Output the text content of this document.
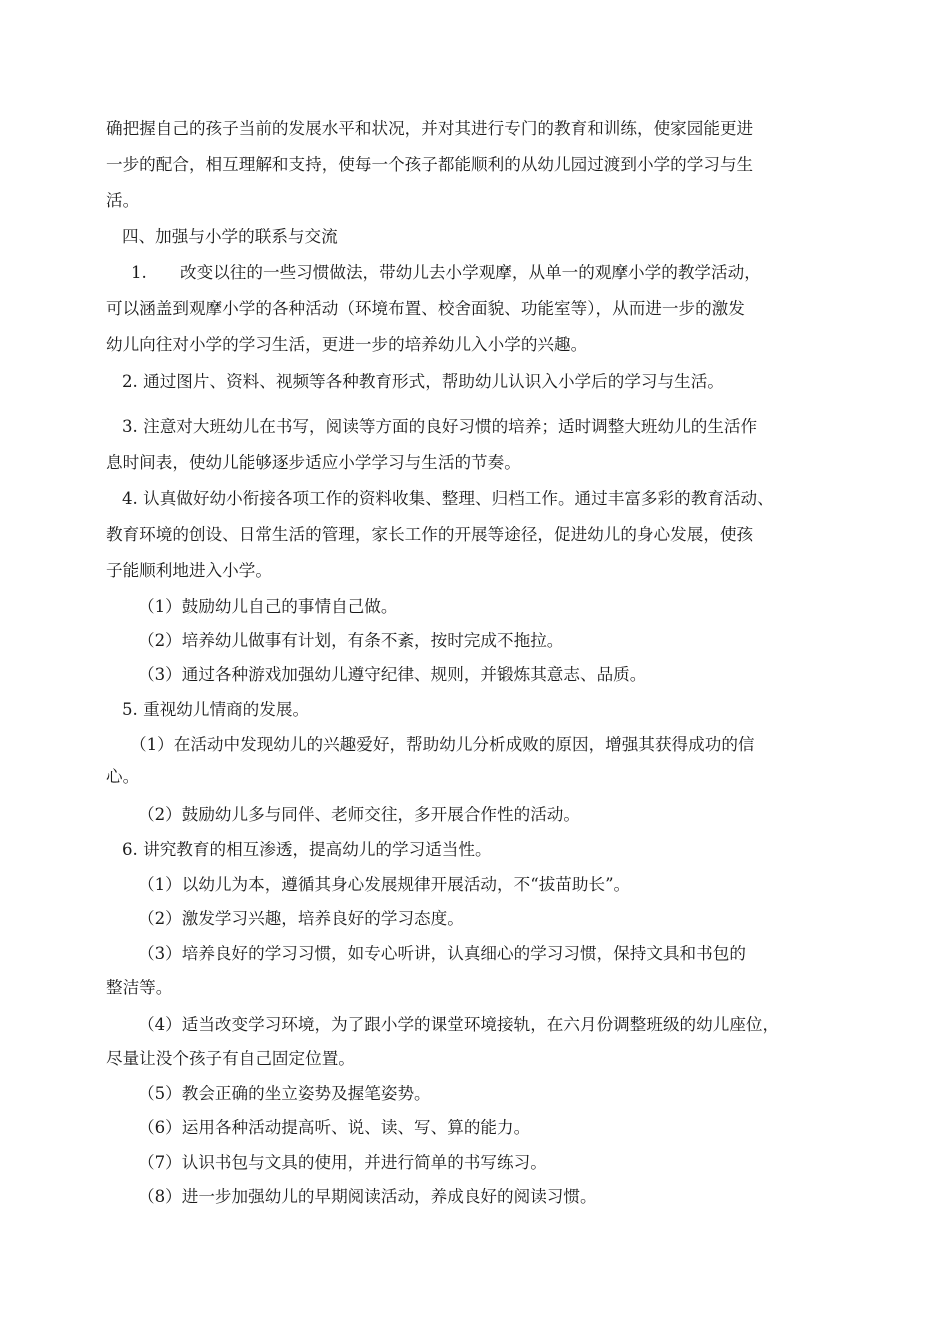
确把握自己的孩子当前的发展水平和状况，并对其进行专门的教育和训练，使家园能更进
一步的配合，相互理解和支持，使每一个孩子都能顺利的从幼儿园过渡到小学的学习与生
活。
四、加强与小学的联系与交流
1.　　改变以往的一些习惯做法，带幼儿去小学观摩，从单一的观摩小学的教学活动，
可以涵盖到观摩小学的各种活动（环境布置、校舍面貌、功能室等），从而进一步的激发
幼儿向往对小学的学习生活，更进一步的培养幼儿入小学的兴趣。
2. 通过图片、资料、视频等各种教育形式，帮助幼儿认识入小学后的学习与生活。
3. 注意对大班幼儿在书写，阅读等方面的良好习惯的培养；适时调整大班幼儿的生活作
息时间表，使幼儿能够逐步适应小学学习与生活的节奏。
4. 认真做好幼小衔接各项工作的资料收集、整理、归档工作。通过丰富多彩的教育活动、
教育环境的创设、日常生活的管理，家长工作的开展等途径，促进幼儿的身心发展，使孩
子能顺利地进入小学。
（1）鼓励幼儿自己的事情自己做。
（2）培养幼儿做事有计划，有条不紊，按时完成不拖拉。
（3）通过各种游戏加强幼儿遵守纪律、规则，并锻炼其意志、品质。
5. 重视幼儿情商的发展。
（1）在活动中发现幼儿的兴趣爱好，帮助幼儿分析成败的原因，增强其获得成功的信
心。
（2）鼓励幼儿多与同伴、老师交往，多开展合作性的活动。
6. 讲究教育的相互渗透，提高幼儿的学习适当性。
（1）以幼儿为本，遵循其身心发展规律开展活动，不“拔苗助长”。
（2）激发学习兴趣，培养良好的学习态度。
（3）培养良好的学习习惯，如专心听讲，认真细心的学习习惯，保持文具和书包的
整洁等。
（4）适当改变学习环境，为了跟小学的课堂环境接轨，在六月份调整班级的幼儿座位，
尽量让没个孩子有自己固定位置。
（5）教会正确的坐立姿势及握笔姿势。
（6）运用各种活动提高听、说、读、写、算的能力。
（7）认识书包与文具的使用，并进行简单的书写练习。
（8）进一步加强幼儿的早期阅读活动，养成良好的阅读习惯。
